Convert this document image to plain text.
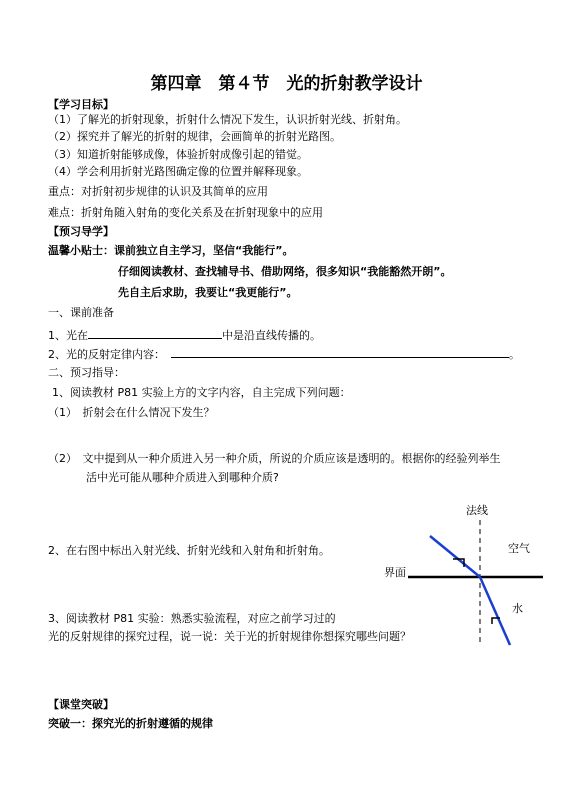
第四章　第４节　光的折射教学设计
【学习目标】
（1）了解光的折射现象，折射什么情况下发生，认识折射光线、折射角。
（2）探究并了解光的折射的规律，会画简单的折射光路图。
（3）知道折射能够成像，体验折射成像引起的错觉。
（4）学会利用折射光路图确定像的位置并解释现象。
重点：对折射初步规律的认识及其简单的应用
难点：折射角随入射角的变化关系及在折射现象中的应用
【预习导学】
温馨小贴士：课前独立自主学习，坚信“我能行”。
仔细阅读教材、查找辅导书、借助网络，很多知识“我能豁然开朗”。
先自主后求助，我要让“我更能行”。
一、课前准备
1、光在	中是沿直线传播的。
2、光的反射定律内容：	。
二、预习指导：
1、阅读教材 P81 实验上方的文字内容，自主完成下列问题：
（1）　折射会在什么情况下发生？
（2）　文中提到从一种介质进入另一种介质，所说的介质应该是透明的。根据你的经验列举生
活中光可能从哪种介质进入到哪种介质?
2、在右图中标出入射光线、折射光线和入射角和折射角。
3、阅读教材 P81 实验：熟悉实验流程，对应之前学习过的
光的反射规律的探究过程，说一说：关于光的折射规律你想探究哪些问题？
法线
空气
界面
水
【课堂突破】
突破一：探究光的折射遵循的规律
